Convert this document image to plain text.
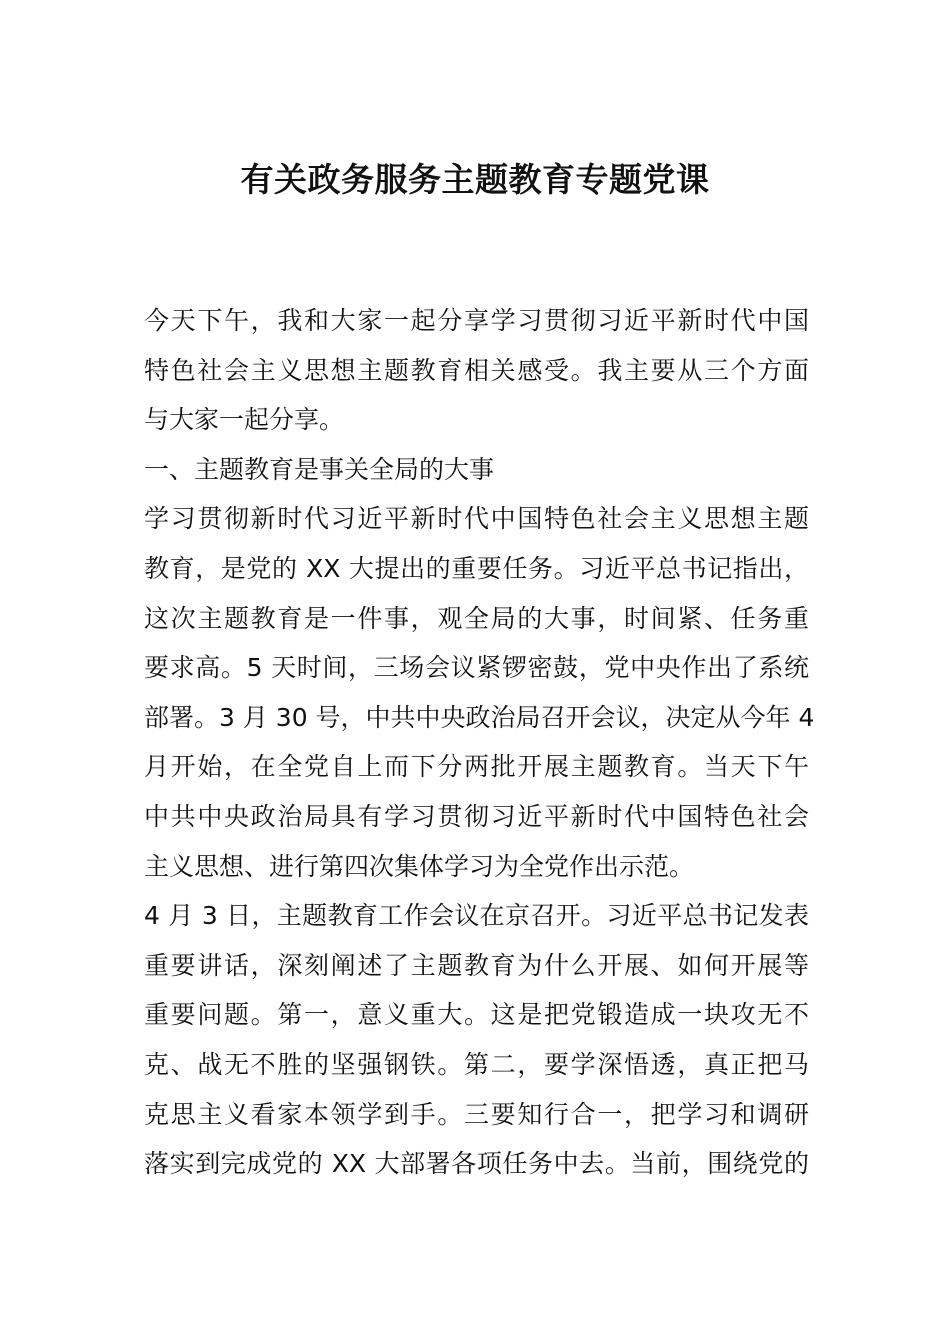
有关政务服务主题教育专题党课
今天下午，我和大家一起分享学习贯彻习近平新时代中国
特色社会主义思想主题教育相关感受。我主要从三个方面
与大家一起分享。
一、主题教育是事关全局的大事
学习贯彻新时代习近平新时代中国特色社会主义思想主题
教育，是党的 XX 大提出的重要任务。习近平总书记指出，
这次主题教育是一件事，观全局的大事，时间紧、任务重
要求高。5 天时间，三场会议紧锣密鼓，党中央作出了系统
部署。3 月 30 号，中共中央政治局召开会议，决定从今年 4
月开始，在全党自上而下分两批开展主题教育。当天下午
中共中央政治局具有学习贯彻习近平新时代中国特色社会
主义思想、进行第四次集体学习为全党作出示范。
4 月 3 日，主题教育工作会议在京召开。习近平总书记发表
重要讲话，深刻阐述了主题教育为什么开展、如何开展等
重要问题。第一，意义重大。这是把党锻造成一块攻无不
克、战无不胜的坚强钢铁。第二，要学深悟透，真正把马
克思主义看家本领学到手。三要知行合一，把学习和调研
落实到完成党的 XX 大部署各项任务中去。当前，围绕党的
